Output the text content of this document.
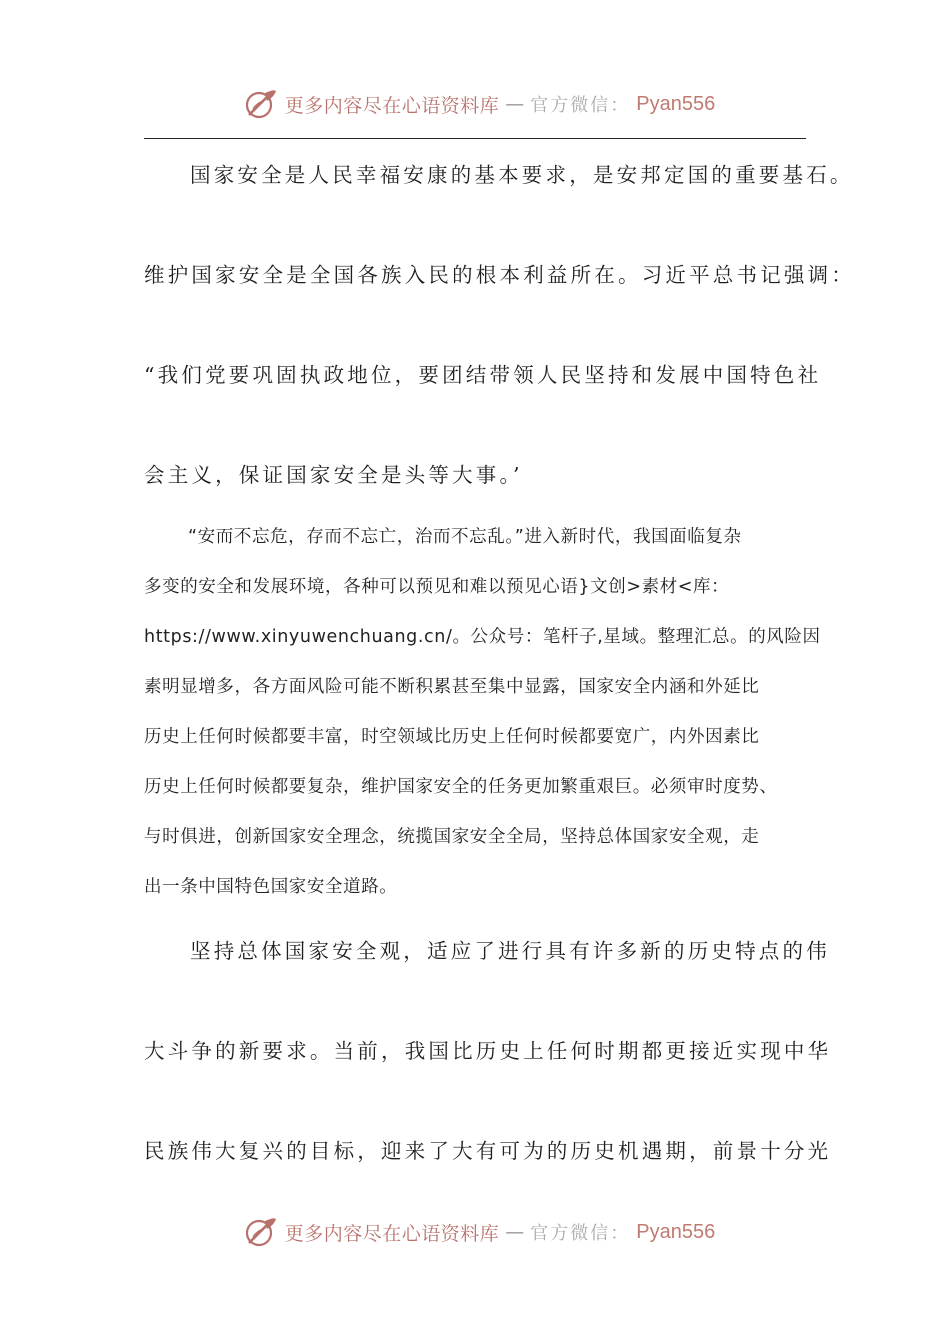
更多内容尽在心语资料库 — 官方微信： Pyan556
国家安全是人民幸福安康的基本要求，是安邦定国的重要基石。
维护国家安全是全国各族入民的根本利益所在。习近平总书记强调：
“我们党要巩固执政地位，要团结带领人民坚持和发展中国特色社
会主义，保证国家安全是头等大事。’
“安而不忘危，存而不忘亡，治而不忘乱。”进入新时代，我国面临复杂
多变的安全和发展环境，各种可以预见和难以预见心语}文创>素材<库：
https://www.xinyuwenchuang.cn/。公众号：笔杆子,星域。整理汇总。的风险因
素明显增多，各方面风险可能不断积累甚至集中显露，国家安全内涵和外延比
历史上任何时候都要丰富，时空领域比历史上任何时候都要宽广，内外因素比
历史上任何时候都要复杂，维护国家安全的任务更加繁重艰巨。必须审时度势、
与时俱进，创新国家安全理念，统揽国家安全全局，坚持总体国家安全观，走
出一条中国特色国家安全道路。
坚持总体国家安全观，适应了进行具有许多新的历史特点的伟
大斗争的新要求。当前，我国比历史上任何时期都更接近实现中华
民族伟大复兴的目标，迎来了大有可为的历史机遇期，前景十分光
更多内容尽在心语资料库 — 官方微信： Pyan556
